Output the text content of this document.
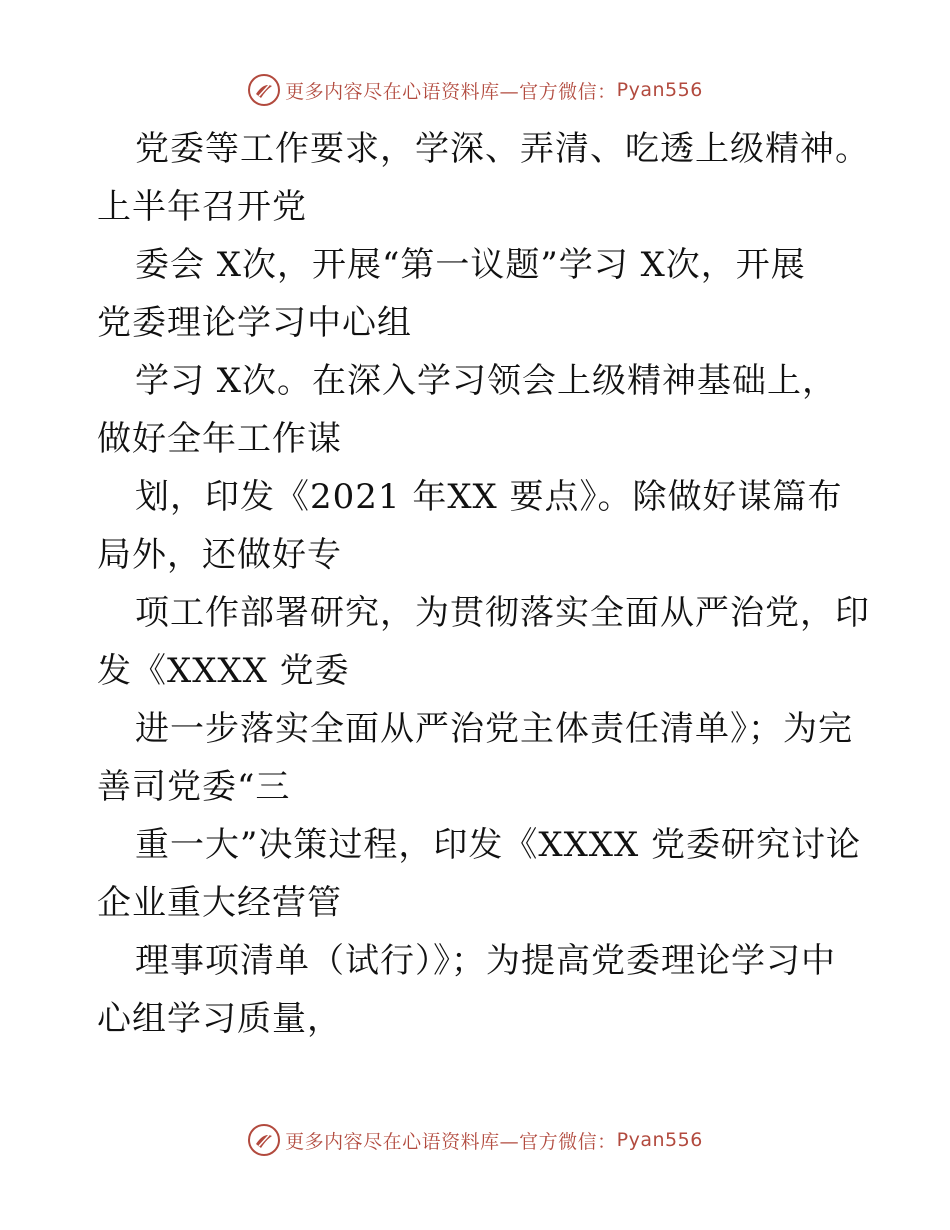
更多内容尽在心语资料库—官方微信： Pyan556
党委等工作要求，学深、弄清、吃透上级精神。
上半年召开党
委会 X次，开展“第一议题”学习 X次，开展
党委理论学习中心组
学习 X次。在深入学习领会上级精神基础上，
做好全年工作谋
划，印发《2021 年XX 要点》。除做好谋篇布
局外，还做好专
项工作部署研究，为贯彻落实全面从严治党，印
发《XXXX 党委
进一步落实全面从严治党主体责任清单》；为完
善司党委“三
重一大”决策过程，印发《XXXX 党委研究讨论
企业重大经营管
理事项清单（试行）》；为提高党委理论学习中
心组学习质量，
更多内容尽在心语资料库—官方微信： Pyan556
